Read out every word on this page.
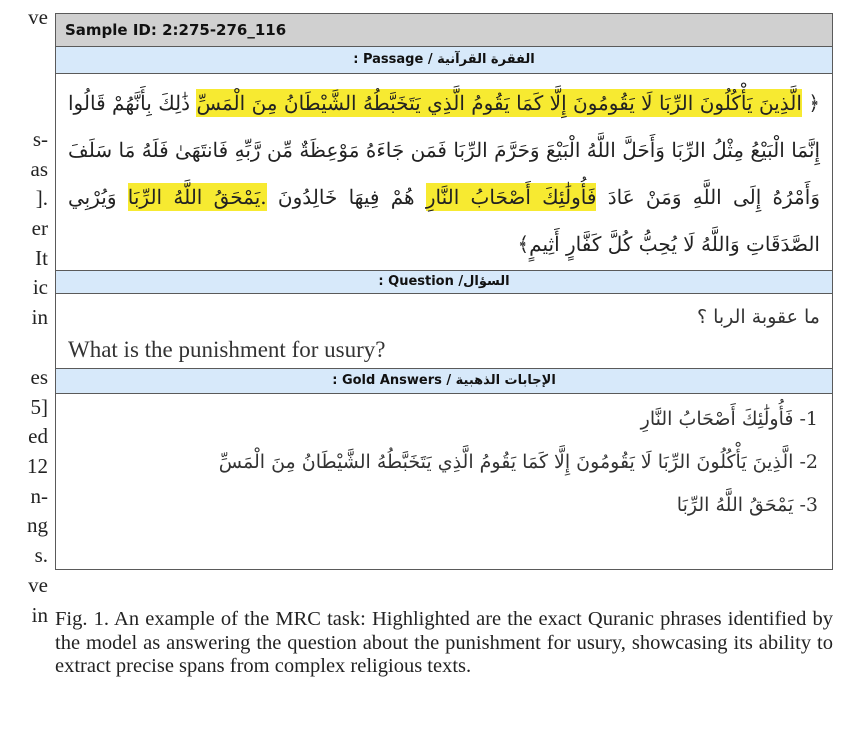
ve
s-
as
].
er
It
ic
in
es
5]
ed
12
n-
ng
s.
ve
in
Sample ID: 2:275-276_116
الفقرة القرآنية / Passage :
﴿ الَّذِينَ يَأْكُلُونَ الرِّبَا لَا يَقُومُونَ إِلَّا كَمَا يَقُومُ الَّذِي يَتَخَبَّطُهُ الشَّيْطَانُ مِنَ الْمَسِّ ذَٰلِكَ بِأَنَّهُمْ قَالُوا إِنَّمَا الْبَيْعُ مِثْلُ الرِّبَا وَأَحَلَّ اللَّهُ الْبَيْعَ وَحَرَّمَ الرِّبَا فَمَن جَاءَهُ مَوْعِظَةٌ مِّن رَّبِّهِ فَانتَهَىٰ فَلَهُ مَا سَلَفَ وَأَمْرُهُ إِلَى اللَّهِ وَمَنْ عَادَ فَأُولَٰئِكَ أَصْحَابُ النَّارِ هُمْ فِيهَا خَالِدُونَ .يَمْحَقُ اللَّهُ الرِّبَا وَيُرْبِي الصَّدَقَاتِ وَاللَّهُ لَا يُحِبُّ كُلَّ كَفَّارٍ أَثِيمٍ﴾
السؤال/ Question :
ما عقوبة الربا ؟
What is the punishment for usury?
الإجابات الذهبية / Gold Answers :
1- فَأُولَٰئِكَ أَصْحَابُ النَّارِ
2- الَّذِينَ يَأْكُلُونَ الرِّبَا لَا يَقُومُونَ إِلَّا كَمَا يَقُومُ الَّذِي يَتَخَبَّطُهُ الشَّيْطَانُ مِنَ الْمَسِّ
3- يَمْحَقُ اللَّهُ الرِّبَا
Fig. 1. An example of the MRC task: Highlighted are the exact Quranic phrases identified by the model as answering the question about the punishment for usury, showcasing its ability to extract precise spans from complex religious texts.
